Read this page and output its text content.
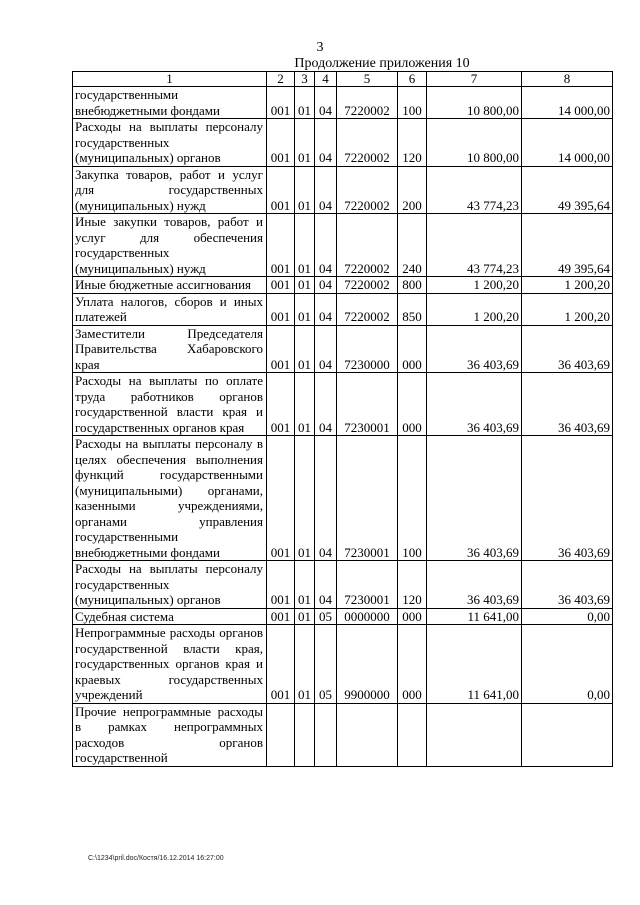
3
Продолжение приложения 10
1	2	3	4	5	6	7	8
государственными внебюджетными фондами	001	01	04	7220002	100	10 800,00	14 000,00
Расходы на выплаты персоналу государственных (муниципальных) органов	001	01	04	7220002	120	10 800,00	14 000,00
Закупка товаров, работ и услуг для государственных (муниципальных) нужд	001	01	04	7220002	200	43 774,23	49 395,64
Иные закупки товаров, работ и услуг для обеспечения государственных (муниципальных) нужд	001	01	04	7220002	240	43 774,23	49 395,64
Иные бюджетные ассигнования	001	01	04	7220002	800	1 200,20	1 200,20
Уплата налогов, сборов и иных платежей	001	01	04	7220002	850	1 200,20	1 200,20
Заместители Председателя Правительства Хабаровского края	001	01	04	7230000	000	36 403,69	36 403,69
Расходы на выплаты по оплате труда работников органов государственной власти края и государственных органов края	001	01	04	7230001	000	36 403,69	36 403,69
Расходы на выплаты персоналу в целях обеспечения выполнения функций государственными (муниципальными) органами, казенными учреждениями, органами управления государственными внебюджетными фондами	001	01	04	7230001	100	36 403,69	36 403,69
Расходы на выплаты персоналу государственных (муниципальных) органов	001	01	04	7230001	120	36 403,69	36 403,69
Судебная система	001	01	05	0000000	000	11 641,00	0,00
Непрограммные расходы органов государственной власти края, государственных органов края и краевых государственных учреждений	001	01	05	9900000	000	11 641,00	0,00
Прочие непрограммные расходы в рамках непрограммных расходов органов государственной							
C:\1234\pril.doc/Костя/16.12.2014 16:27:00
